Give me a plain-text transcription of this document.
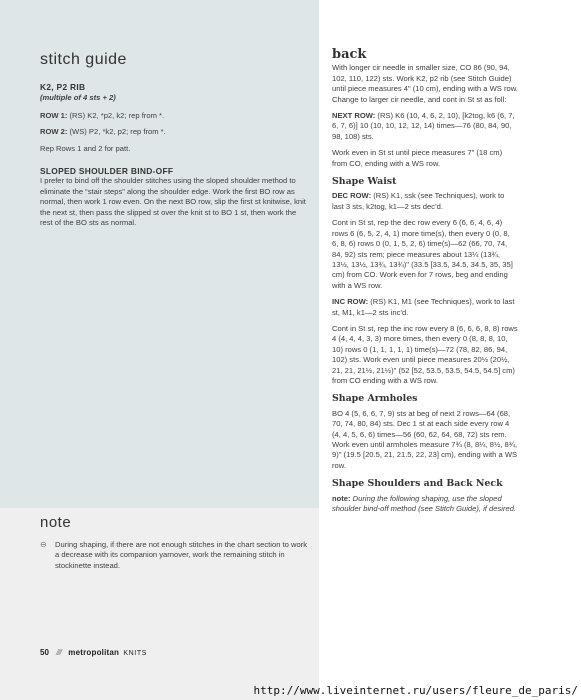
stitch guide

K2, P2 RIB

(multiple of 4 sts + 2)

ROW 1: (RS) K2, *p2, k2; rep from *.

ROW 2: (WS) P2, *k2, p2; rep from *.

Rep Rows 1 and 2 for patt.

SLOPED SHOULDER BIND-OFF

I prefer to bind off the shoulder stitches using the sloped shoulder method to eliminate the “stair steps” along the shoulder edge. Work the first BO row as normal, then work 1 row even. On the next BO row, slip the first st knitwise, knit the next st, then pass the slipped st over the knit st to BO 1 st, then work the rest of the BO sts as normal.

note
⊖	During shaping, if there are not enough stitches in the chart section to work a decrease with its companion yarnover, work the remaining stitch in stockinette instead.
50 //// metropolitan KNITS
back

With longer cir needle in smaller size, CO 86 (90, 94, 102, 110, 122) sts. Work K2, p2 rib (see Stitch Guide) until piece measures 4" (10 cm), ending with a WS row. Change to larger cir needle, and cont in St st as foll:

NEXT ROW: (RS) K6 (10, 4, 6, 2, 10), [k2tog, k6 (6, 7, 6, 7, 6)] 10 (10, 10, 12, 12, 14) times—76 (80, 84, 90, 98, 108) sts.

Work even in St st until piece measures 7" (18 cm) from CO, ending with a WS row.

Shape Waist

DEC ROW: (RS) K1, ssk (see Techniques), work to last 3 sts, k2tog, k1—2 sts dec’d.

Cont in St st, rep the dec row every 6 (6, 6, 4, 6, 4) rows 6 (6, 5, 2, 4, 1) more time(s), then every 0 (0, 8, 6, 8, 6) rows 0 (0, 1, 5, 2, 6) time(s)—62 (66, 70, 74, 84, 92) sts rem; piece measures about 13¼ (13¾, 13½, 13½, 13¾, 13¾)" (33.5 [33.5, 34.5, 34.5, 35, 35] cm) from CO. Work even for 7 rows, beg and ending with a WS row.

INC ROW: (RS) K1, M1 (see Techniques), work to last st, M1, k1—2 sts inc’d.

Cont in St st, rep the inc row every 8 (6, 6, 6, 8, 8) rows 4 (4, 4, 4, 3, 3) more times, then every 0 (8, 8, 8, 10, 10) rows 0 (1, 1, 1, 1, 1) time(s)—72 (78, 82, 86, 94, 102) sts. Work even until piece measures 20½ (20½, 21, 21, 21½, 21½)" (52 [52, 53.5, 53.5, 54.5, 54.5] cm) from CO ending with a WS row.

Shape Armholes

BO 4 (5, 6, 6, 7, 9) sts at beg of next 2 rows—64 (68, 70, 74, 80, 84) sts. Dec 1 st at each side every row 4 (4, 4, 5, 6, 6) times—56 (60, 62, 64, 68, 72) sts rem. Work even until armholes measure 7¾ (8, 8¼, 8½, 8¾, 9)" (19.5 [20.5, 21, 21.5, 22, 23] cm), ending with a WS row.

Shape Shoulders and Back Neck

note: During the following shaping, use the sloped shoulder bind-off method (see Stitch Guide), if desired.

http://www.liveinternet.ru/users/fleure_de_paris/
